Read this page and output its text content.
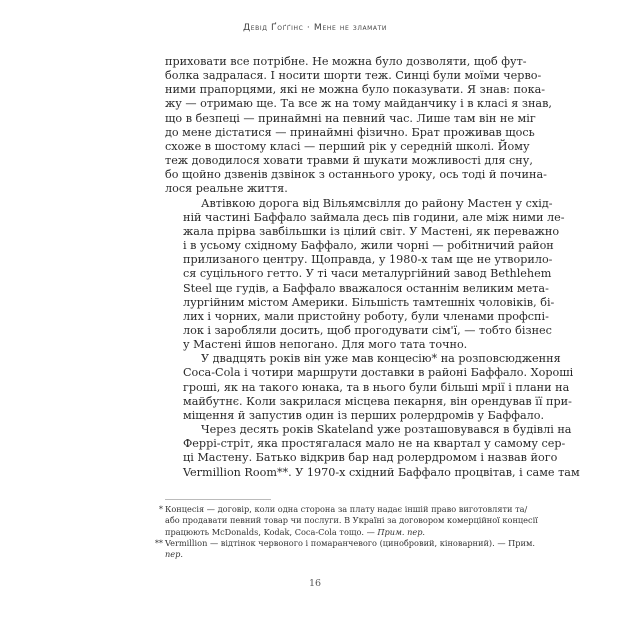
Девід Ґоґґінс · Мене не зламати

приховати все потрібне. Не можна було дозволяти, щоб фут-
болка задралася. І носити шорти теж. Синці були моїми черво-
ними прапорцями, які не можна було показувати. Я знав: пока-
жу — отримаю ще. Та все ж на тому майданчику і в класі я знав,
що в безпеці — принаймні на певний час. Лише там він не міг
до мене дістатися — принаймні фізично. Брат проживав щось
схоже в шостому класі — перший рік у середній школі. Йому
теж доводилося ховати травми й шукати можливості для сну,
бо щойно дзвенів дзвінок з останнього уроку, ось тоді й почина-
лося реальне життя.

Автівкою дорога від Вільямсвілля до району Мастен у схід-
ній частині Баффало займала десь пів години, але між ними ле-
жала прірва завбільшки із цілий світ. У Мастені, як переважно
і в усьому східному Баффало, жили чорні — робітничий район
прилизаного центру. Щоправда, у 1980-х там ще не утворило-
ся суцільного гетто. У ті часи металургійний завод Bethlehem
Steel ще гудів, а Баффало вважалося останнім великим мета-
лургійним містом Америки. Більшість тамтешніх чоловіків, бі-
лих і чорних, мали пристойну роботу, були членами профспі-
лок і заробляли досить, щоб прогодувати сім'ї, — тобто бізнес
у Мастені йшов непогано. Для мого тата точно.

У двадцять років він уже мав концесію* на розповсюдження
Coca-Cola і чотири маршрути доставки в районі Баффало. Хороші
гроші, як на такого юнака, та в нього були більші мрії і плани на
майбутнє. Коли закрилася місцева пекарня, він орендував її при-
міщення й запустив один із перших ролердромів у Баффало.

Через десять років Skateland уже розташовувався в будівлі на
Феррі-стріт, яка простягалася мало не на квартал у самому сер-
ці Мастену. Батько відкрив бар над ролердромом і назвав його
Vermillion Room**. У 1970-х східний Баффало процвітав, і саме там

* Концесія — договір, коли одна сторона за плату надає іншій право виготовляти та/
або продавати певний товар чи послуги. В Україні за договором комерційної концесії
працюють McDonalds, Kodak, Coca-Cola тощо. — Прим. пер.
** Vermillion — відтінок червоного і помаранчевого (цинобровий, кіноварний). — Прим.
пер.
16
